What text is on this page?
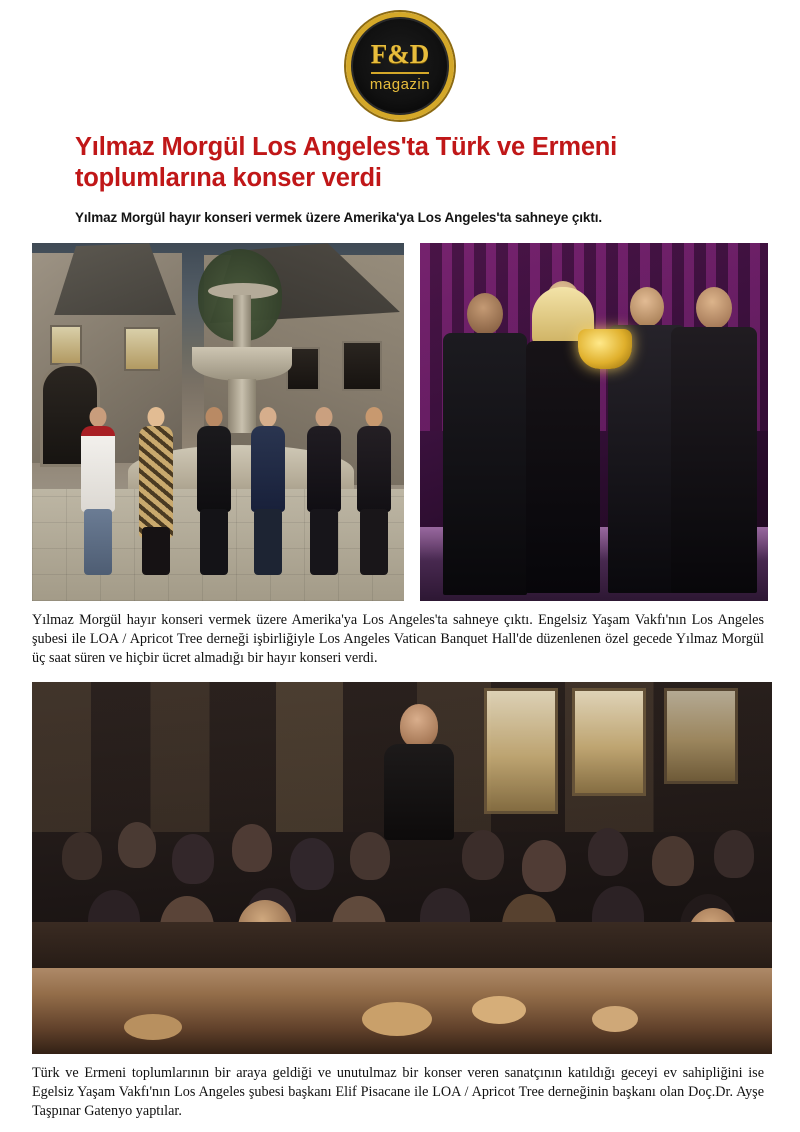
F&D
magazin
Yılmaz Morgül Los Angeles'ta Türk ve Ermeni toplumlarına konser verdi
Yılmaz Morgül hayır konseri vermek üzere Amerika'ya Los Angeles'ta sahneye çıktı.
Yılmaz Morgül hayır konseri vermek üzere Amerika'ya Los Angeles'ta sahneye çıktı. Engelsiz Yaşam Vakfı'nın Los Angeles şubesi ile LOA / Apricot Tree derneği işbirliğiyle Los Angeles Vatican Banquet Hall'de düzenlenen özel gecede Yılmaz Morgül üç saat süren ve hiçbir ücret almadığı bir hayır konseri verdi.
Türk ve Ermeni toplumlarının bir araya geldiği ve unutulmaz bir konser veren sanatçının katıldığı geceyi ev sahipliğini ise Egelsiz Yaşam Vakfı'nın Los Angeles şubesi başkanı Elif Pisacane ile LOA / Apricot Tree derneğinin başkanı olan Doç.Dr. Ayşe Taşpınar Gatenyo yaptılar.
